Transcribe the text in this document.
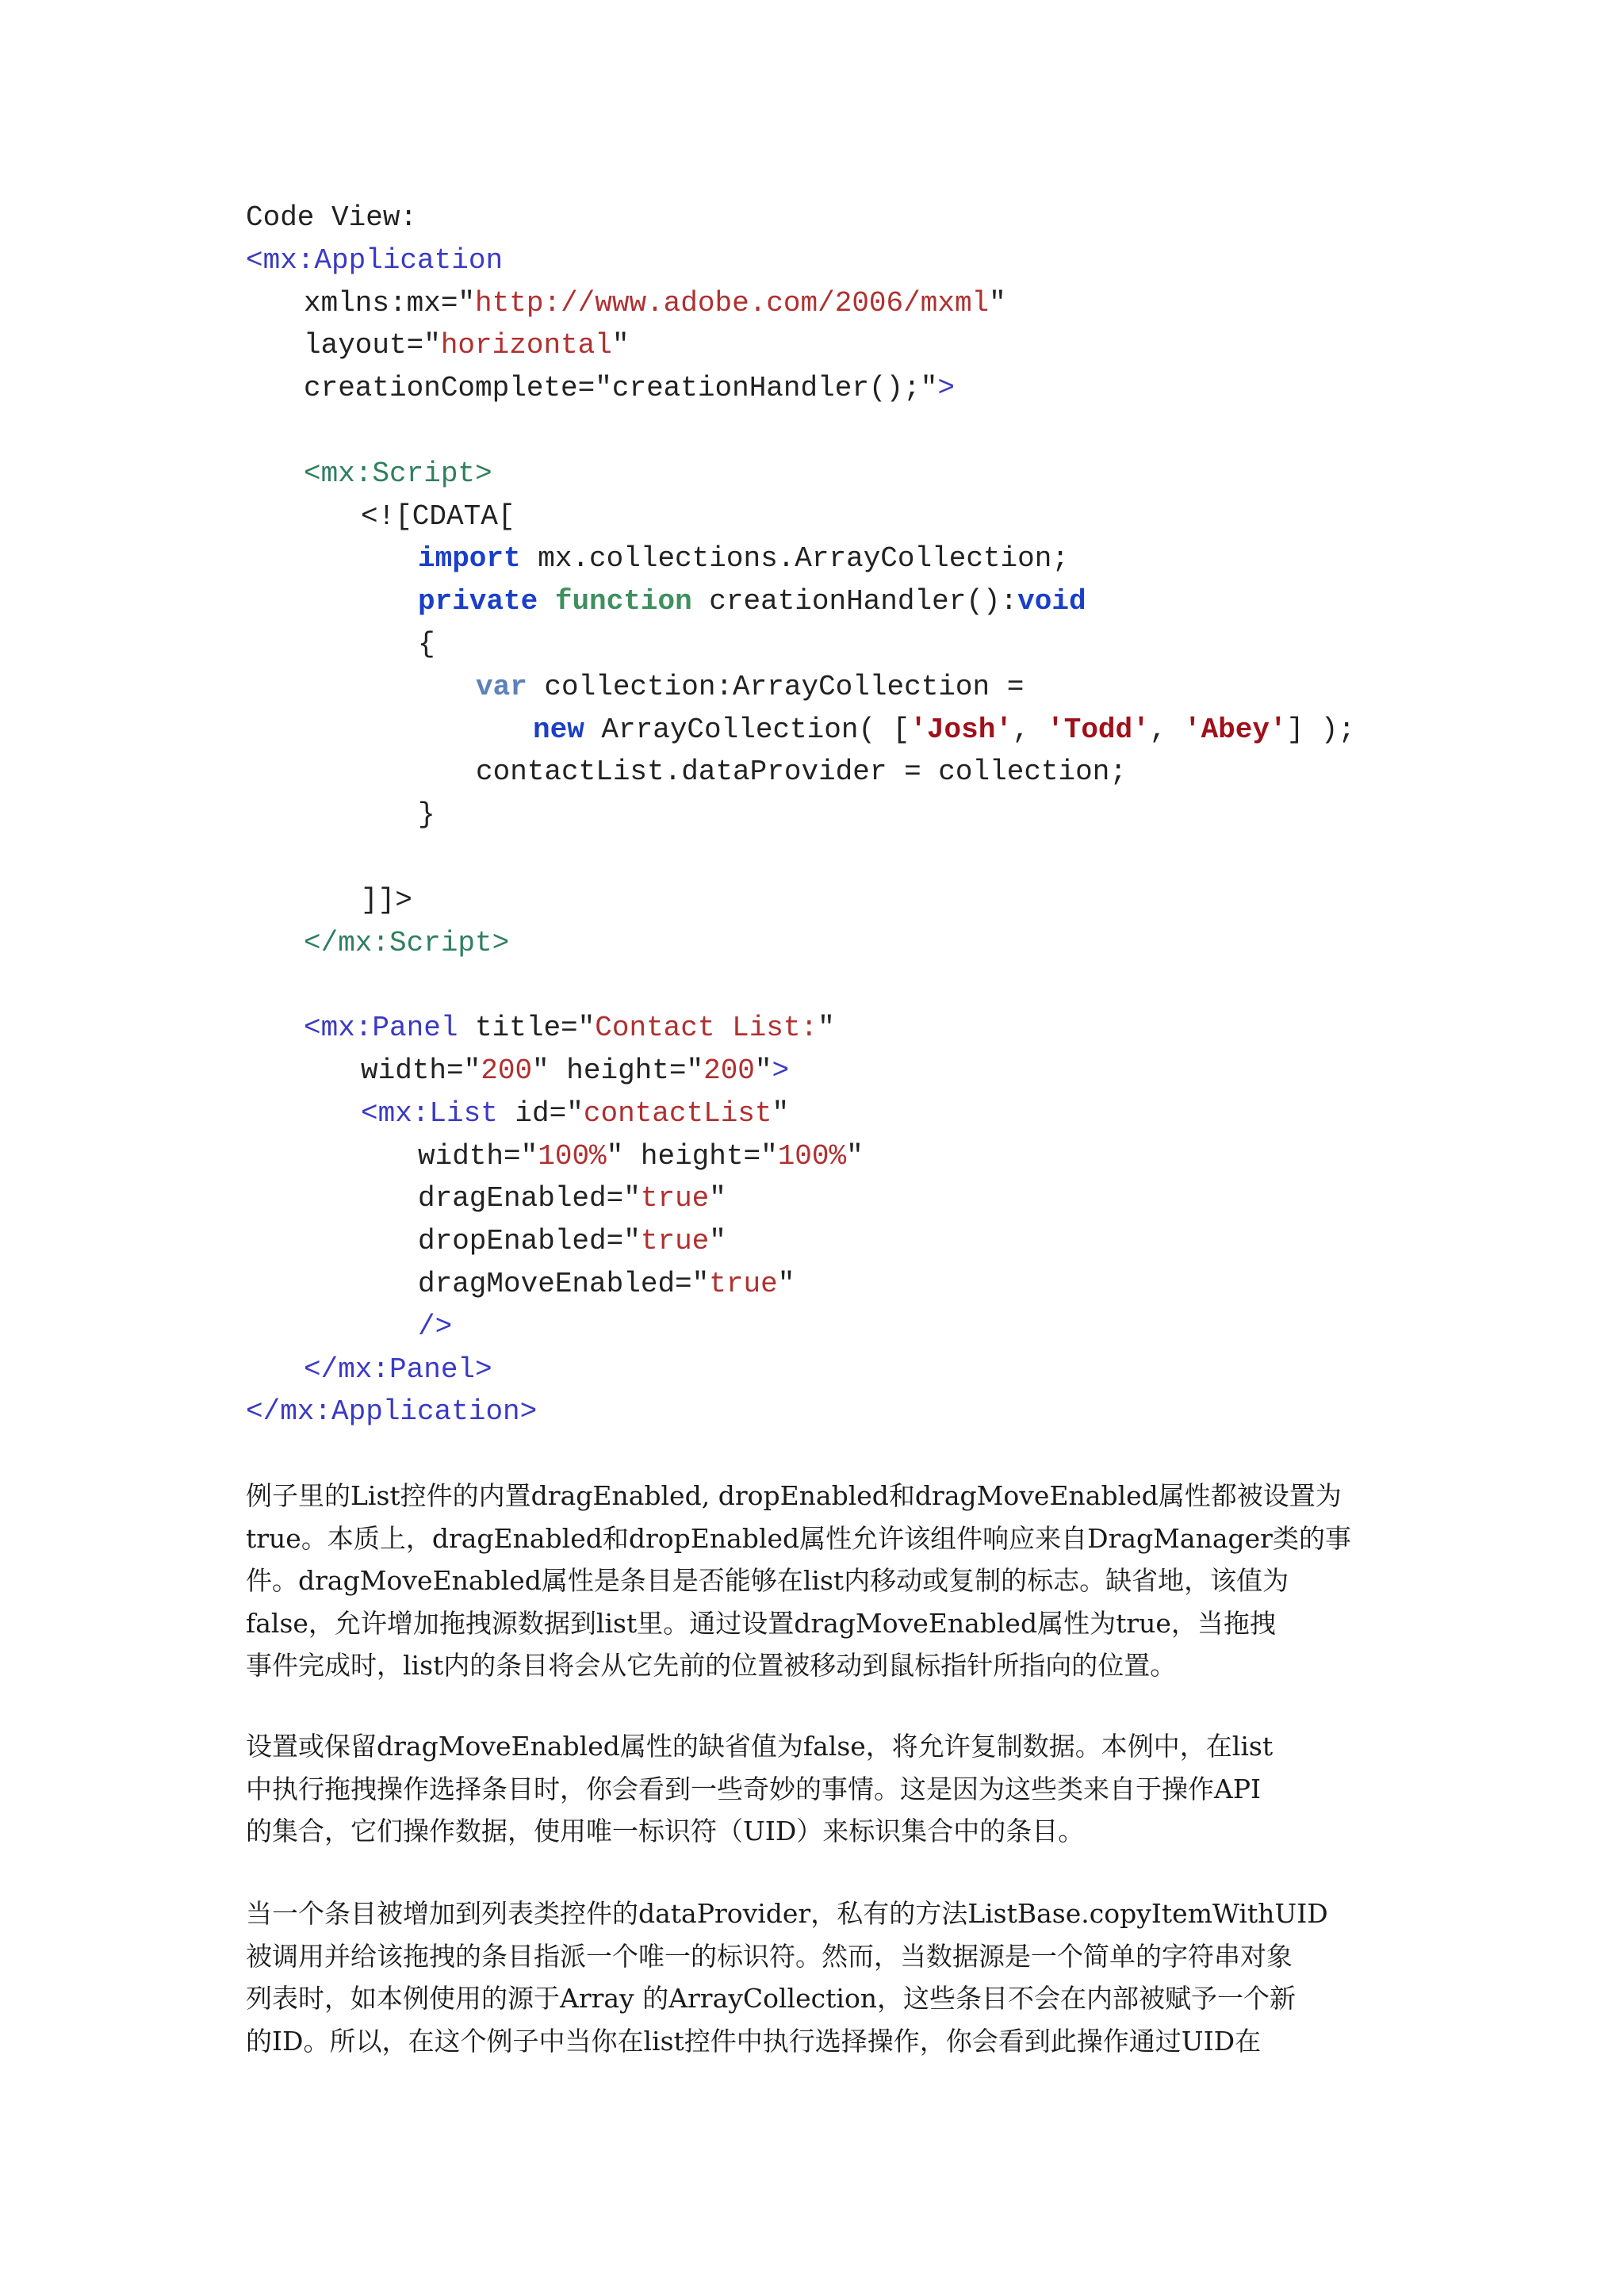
Code View:
<mx:Application
xmlns:mx="http://www.adobe.com/2006/mxml"
layout="horizontal"
creationComplete="creationHandler();">
<mx:Script>
<![CDATA[
import mx.collections.ArrayCollection;
private function creationHandler():void
{
var collection:ArrayCollection =
new ArrayCollection( ['Josh', 'Todd', 'Abey'] );
contactList.dataProvider = collection;
}
]]>
</mx:Script>
<mx:Panel title="Contact List:"
width="200" height="200">
<mx:List id="contactList"
width="100%" height="100%"
dragEnabled="true"
dropEnabled="true"
dragMoveEnabled="true"
/>
</mx:Panel>
</mx:Application>
例子里的List控件的内置dragEnabled, dropEnabled和dragMoveEnabled属性都被设置为
true。本质上，dragEnabled和dropEnabled属性允许该组件响应来自DragManager类的事
件。dragMoveEnabled属性是条目是否能够在list内移动或复制的标志。缺省地，该值为
false，允许增加拖拽源数据到list里。通过设置dragMoveEnabled属性为true，当拖拽
事件完成时，list内的条目将会从它先前的位置被移动到鼠标指针所指向的位置。
设置或保留dragMoveEnabled属性的缺省值为false，将允许复制数据。本例中，在list
中执行拖拽操作选择条目时，你会看到一些奇妙的事情。这是因为这些类来自于操作API
的集合，它们操作数据，使用唯一标识符（UID）来标识集合中的条目。
当一个条目被增加到列表类控件的dataProvider，私有的方法ListBase.copyItemWithUID
被调用并给该拖拽的条目指派一个唯一的标识符。然而，当数据源是一个简单的字符串对象
列表时，如本例使用的源于Array 的ArrayCollection，这些条目不会在内部被赋予一个新
的ID。所以，在这个例子中当你在list控件中执行选择操作，你会看到此操作通过UID在
